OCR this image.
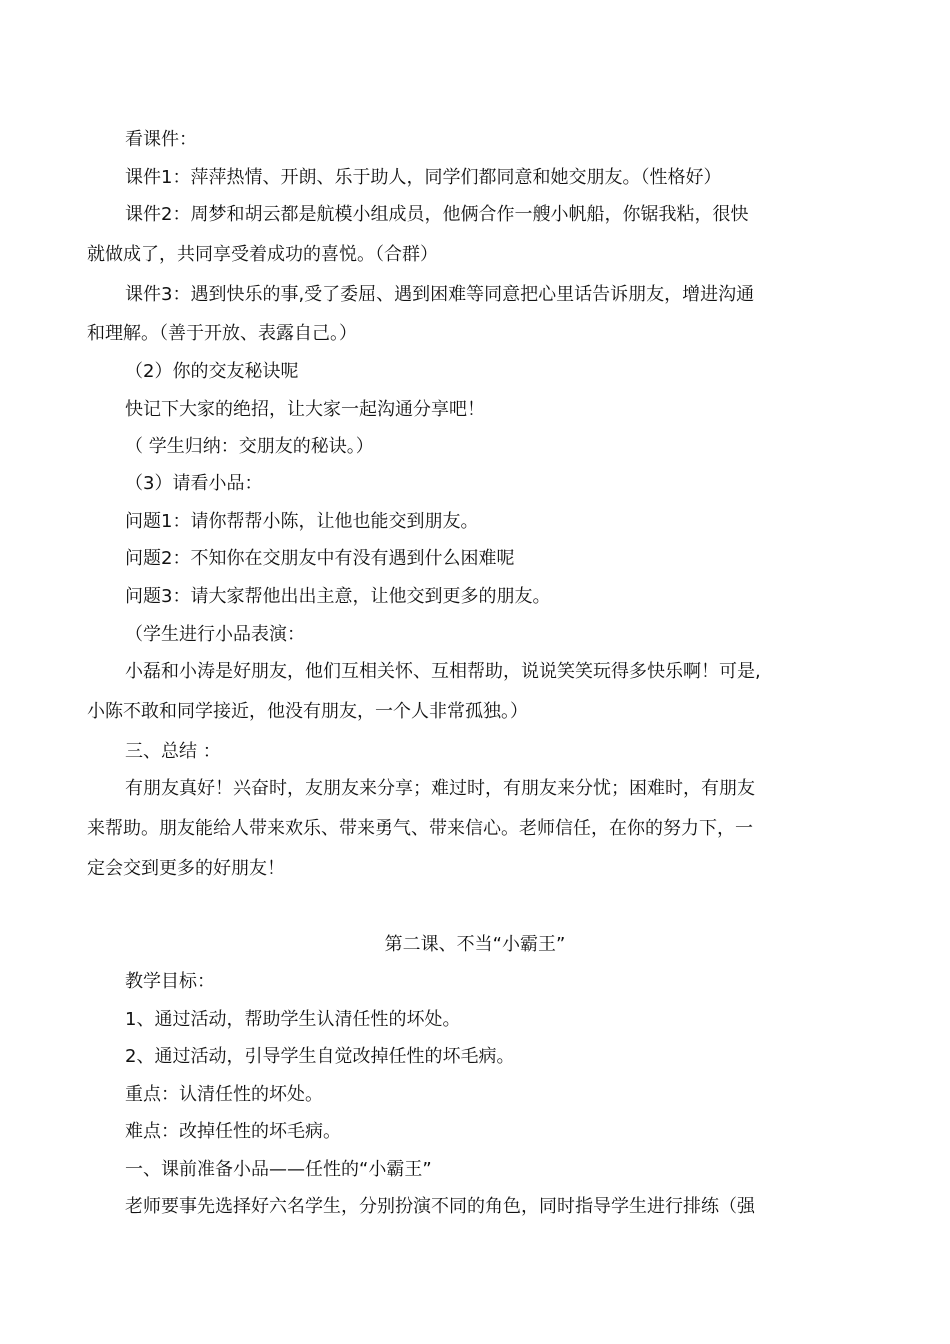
看课件：
课件1：萍萍热情、开朗、乐于助人，同学们都同意和她交朋友。（性格好）
课件2：周梦和胡云都是航模小组成员，他俩合作一艘小帆船，你锯我粘，很快
就做成了，共同享受着成功的喜悦。（合群）
课件3：遇到快乐的事,受了委屈、遇到困难等同意把心里话告诉朋友，增进沟通
和理解。（善于开放、表露自己。）
（2）你的交友秘诀呢
快记下大家的绝招，让大家一起沟通分享吧！
（ 学生归纳：交朋友的秘诀。）
（3）请看小品：
问题1：请你帮帮小陈，让他也能交到朋友。
问题2：不知你在交朋友中有没有遇到什么困难呢
问题3：请大家帮他出出主意，让他交到更多的朋友。
（学生进行小品表演：
小磊和小涛是好朋友，他们互相关怀、互相帮助，说说笑笑玩得多快乐啊！可是,
小陈不敢和同学接近，他没有朋友，一个人非常孤独。）
三、总结 ：
有朋友真好！兴奋时，友朋友来分享；难过时，有朋友来分忧；困难时，有朋友
来帮助。朋友能给人带来欢乐、带来勇气、带来信心。老师信任，在你的努力下，一
定会交到更多的好朋友！
第二课、不当“小霸王”
教学目标：
1、通过活动，帮助学生认清任性的坏处。
2、通过活动，引导学生自觉改掉任性的坏毛病。
重点：认清任性的坏处。
难点：改掉任性的坏毛病。
一、课前准备小品——任性的“小霸王”
老师要事先选择好六名学生，分别扮演不同的角色，同时指导学生进行排练（强
